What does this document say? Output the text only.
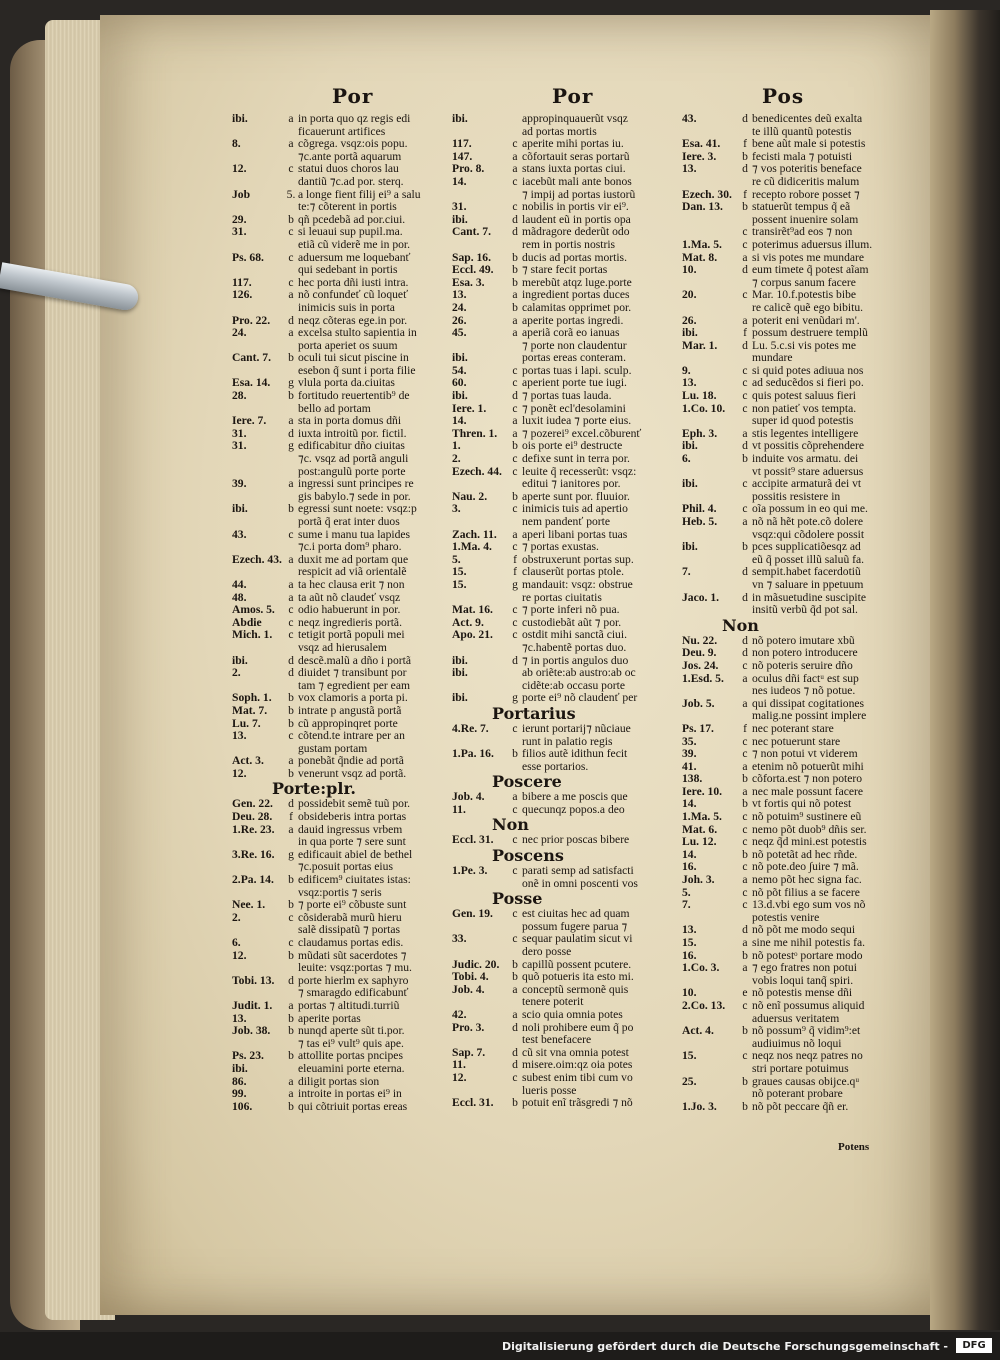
Por	Por	Pos
ibi.	a in porta quo qz regis edi
ficauerunt artifices
8.	a cõgrega. vsqz:ois popu.
⁊c.ante portã aquarum
12.	c statui duos choros lau
dantiũ ⁊c.ad por. sterq.
Job	5. a longe fient filij ei⁹ a salu
te:⁊ cõterent in portis
29.	b qñ pcedebã ad por.ciui.
31.	c si leuaui sup pupil.ma.
etiã cũ viderẽ me in por.
Ps. 68.	c aduersum me loquebanť
qui sedebant in portis
117.	c hec porta dñi iusti intra.
126.	a nõ confundeť cũ loqueť
inimicis suis in porta
Pro. 22.	d neqz cõteras ege.in por.
24.	a excelsa stulto sapientia in
porta aperiet os suum
Cant. 7.	b oculi tui sicut piscine in
esebon q̃ sunt i porta filie
Esa. 14.	g vlula porta da.ciuitas
28.	b fortitudo reuertentib⁹ de
bello ad portam
Iere. 7.	a sta in porta domus dñi
31.	d iuxta introitũ por. fictil.
31.	g edificabitur dño ciuitas
⁊c. vsqz ad portã anguli
post:angulũ porte porte
39.	a ingressi sunt principes re
gis babylo.⁊ sede in por.
ibi.	b egressi sunt noete: vsqz:p
portã q̃ erat inter duos
43.	c sume i manu tua lapides
⁊c.i porta dom⁹ pharo.
Ezech. 43. a duxit me ad portam que
respicit ad viã orientalẽ
44.	a ta hec clausa erit ⁊ non
48.	a ta aũt nõ claudeť vsqz
Amos. 5.	c odio habuerunt in por.
Abdie	c neqz ingredieris portã.
Mich. 1.	c tetigit portã populi mei
vsqz ad hierusalem
ibi.	d descẽ.malũ a dño i portã
2.	d diuidet ⁊ transibunt por
tam ⁊ egredient per eam
Soph. 1.	b vox clamoris a porta pi.
Mat. 7.	b intrate p angustã portã
Lu. 7.	b cũ appropinqret porte
13.	c cõtend.te intrare per an
gustam portam
Act. 3.	a ponebãt q̃ndie ad portã
12.	b venerunt vsqz ad portã.
Porte:plr.
Gen. 22.	d possidebit semẽ tuũ por.
Deu. 28.	f obsideberis intra portas
1.Re. 23.	a dauid ingressus vrbem
in qua porte ⁊ sere sunt
3.Re. 16.	g edificauit abiel de bethel
⁊c.posuit portas eius
2.Pa. 14.	b edificem⁹ ciuitates istas:
vsqz:portis ⁊ seris
Nee. 1.	b ⁊ porte ei⁹ cõbuste sunt
2.	c cõsiderabã murũ hieru
salẽ dissipatũ ⁊ portas
6.	c claudamus portas edis.
12.	b mũdati sũt sacerdotes ⁊
leuite: vsqz:portas ⁊ mu.
Tobi. 13.	d porte hierlm ex saphyro
⁊ smaragdo edificabunť
Judit. 1.	a portas ⁊ altitudi.turriũ
13.	b aperite portas
Job. 38.	b nunqd aperte sũt ti.por.
⁊ tas ei⁹ vult⁹ quis ape.
Ps. 23.	b attollite portas pncipes
ibi.	eleuamini porte eterna.
86.	a diligit portas sion
99.	a introite in portas ei⁹ in
106.	b qui cõtriuit portas ereas
ibi.	appropinquauerũt vsqz
ad portas mortis
117.	c aperite mihi portas iu.
147.	a cõfortauit seras portarũ
Pro. 8.	a stans iuxta portas ciui.
14.	c iacebũt mali ante bonos
⁊ impij ad portas iustorũ
31.	c nobilis in portis vir ei⁹.
ibi.	d laudent eũ in portis opa
Cant. 7.	d mãdragore dederũt odo
rem in portis nostris
Sap. 16.	b ducis ad portas mortis.
Eccl. 49.	b ⁊ stare fecit portas
Esa. 3.	b merebũt atqz luge.porte
13.	a ingredient portas duces
24.	b calamitas opprimet por.
26.	a aperite portas ingredi.
45.	a aperiã corã eo ianuas
⁊ porte non claudentur
ibi.	portas ereas conteram.
54.	c portas tuas i lapi. sculp.
60.	c aperient porte tue iugi.
ibi.	d ⁊ portas tuas lauda.
Iere. 1.	c ⁊ ponẽt ecl'desolamini
14.	a luxit iudea ⁊ porte eius.
Thren. 1.	a ⁊ pozerei⁹ excel.cõburenť
1.	b ois porte ei⁹ destructe
2.	c defixe sunt in terra por.
Ezech. 44. c leuite q̃ recesserũt: vsqz:
editui ⁊ ianitores por.
Nau. 2.	b aperte sunt por. fluuior.
3.	c inimicis tuis ad apertio
nem pandenť porte
Zach. 11.	a aperi libani portas tuas
1.Ma. 4.	c ⁊ portas exustas.
5.	f obstruxerunt portas sup.
15.	f clauserũt portas ptole.
15.	g mandauit: vsqz: obstrue
re portas ciuitatis
Mat. 16.	c ⁊ porte inferi nõ pua.
Act. 9.	c custodiebãt aũt ⁊ por.
Apo. 21.	c ostdit mihi sanctã ciui.
⁊c.habentẽ portas duo.
ibi.	d ⁊ in portis angulos duo
ibi.	ab oriẽte:ab austro:ab oc
cidẽte:ab occasu porte
ibi.	g porte ei⁹ nõ claudenť per
Portarius
4.Re. 7.	c ierunt portarij⁊ nũciaue
runt in palatio regis
1.Pa. 16.	b filios autẽ idithun fecit
esse portarios.
Poscere
Job. 4.	a bibere a me poscis que
11.	c quecunqz popos.a deo
Non
Eccl. 31.	c nec prior poscas bibere
Poscens
1.Pe. 3.	c parati semp ad satisfacti
onẽ in omni poscenti vos
Posse
Gen. 19.	c est ciuitas hec ad quam
possum fugere parua ⁊
33.	c sequar paulatim sicut vi
dero posse
Judic. 20.	b capillũ possent pcutere.
Tobi. 4.	b quõ potueris ita esto mi.
Job. 4.	a conceptũ sermonẽ quis
tenere poterit
42.	a scio quia omnia potes
Pro. 3.	d noli prohibere eum q̃ po
test benefacere
Sap. 7.	d cũ sit vna omnia potest
11.	d misere.oim:qz oia potes
12.	c subest enim tibi cum vo
lueris posse
Eccl. 31.	b potuit enĩ trãsgredi ⁊ nõ
43.	d benedicentes deũ exalta
te illũ quantũ potestis
Esa. 41.	f bene aũt male si potestis
Iere. 3.	b fecisti mala ⁊ potuisti
13.	d ⁊ vos poteritis beneface
re cũ didiceritis malum
Ezech. 30. f recepto robore posset ⁊
Dan. 13.	b statuerũt tempus q̃ eã
possent inuenire solam
c transirẽt⁹ad eos ⁊ non
1.Ma. 5.	c poterimus aduersus illum.
Mat. 8.	a si vis potes me mundare
10.	d eum timete q̃ potest aĩam
⁊ corpus sanum facere
20.	c Mar. 10.f.potestis bibe
re calicẽ quẽ ego bibitu.
26.	a poterit eni venũdari m'.
ibi.	f possum destruere templũ
Mar. 1.	d Lu. 5.c.si vis potes me
mundare
9.	c si quid potes adiuua nos
13.	c ad seducẽdos si fieri po.
Lu. 18.	c quis potest saluus fieri
1.Co. 10.	c non patieť vos tempta.
super id quod potestis
Eph. 3.	a stis legentes intelligere
ibi.	d vt possitis cõprehendere
6.	b induite vos armatu. dei
vt possit⁹ stare aduersus
ibi.	c accipite armaturã dei vt
possitis resistere in
Phil. 4.	c oĩa possum in eo qui me.
Heb. 5.	a nõ nã hẽt pote.cõ dolere
vsqz:qui cõdolere possit
ibi.	b pces supplicatiõesqz ad
eũ q̃ posset illũ saluũ fa.
7.	d sempit.habet facerdotiũ
vn ⁊ saluare in ppetuum
Jaco. 1.	d in mãsuetudine suscipite
insitũ verbũ q̃d pot sal.
Non
Nu. 22.	d nõ potero imutare xbũ
Deu. 9.	d non potero introducere
Jos. 24.	c nõ poteris seruire dño
1.Esd. 5.	a oculus dñi factᵘ est sup
nes iudeos ⁊ nõ potue.
Job. 5.	a qui dissipat cogitationes
malig.ne possint implere
Ps. 17.	f nec poterant stare
35.	c nec potuerunt stare
39.	c ⁊ non potui vt viderem
41.	a etenim nõ potuerũt mihi
138.	b cõforta.est ⁊ non potero
Iere. 10.	a nec male possunt facere
14.	b vt fortis qui nõ potest
1.Ma. 5.	c nõ potuim⁹ sustinere eũ
Mat. 6.	c nemo põt duob⁹ dñis ser.
Lu. 12.	c neqz q̃d mini.est potestis
14.	b nõ potetãt ad hec rñde.
16.	c nõ pote.deo ∫uire ⁊ mã.
Joh. 3.	a nemo põt hec signa fac.
5.	c nõ põt filius a se facere
7.	c 13.d.vbi ego sum vos nõ
potestis venire
13.	d nõ põt me modo sequi
15.	a sine me nihil potestis fa.
16.	b nõ potestᵒ portare modo
1.Co. 3.	a ⁊ ego fratres non potui
vobis loqui tanq̃ spiri.
10.	e nõ potestis mense dñi
2.Co. 13.	c nõ enĩ possumus aliquid
aduersus veritatem
Act. 4.	b nõ possum⁹ q̃ vidim⁹:et
audiuimus nõ loqui
15.	c neqz nos neqz patres no
stri portare potuimus
25.	b graues causas obijce.qᵘ
nõ poterant probare
1.Jo. 3.	b nõ põt peccare q̃ñ er.
Potens
Digitalisierung gefördert durch die Deutsche Forschungsgemeinschaft -	DFG
